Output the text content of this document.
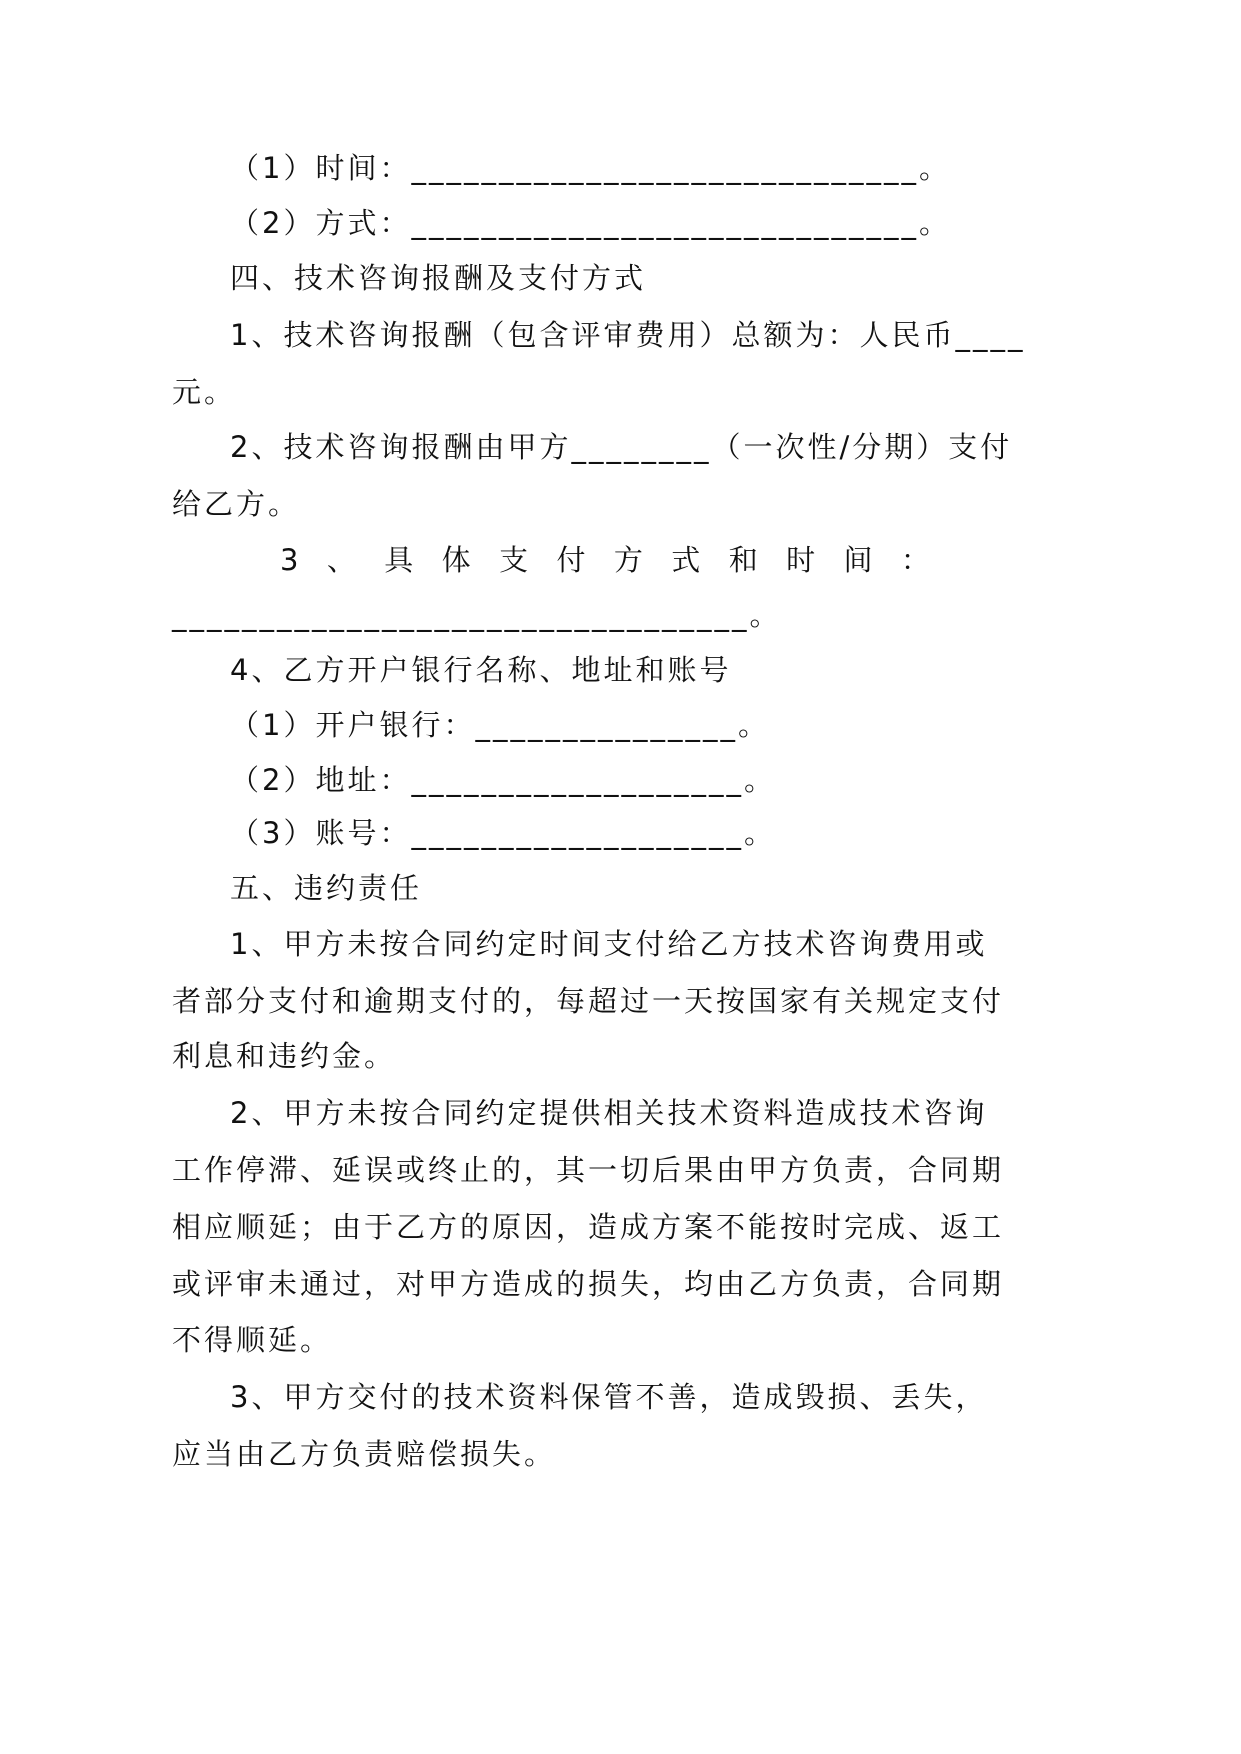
（1）时间：_____________________________。
（2）方式：_____________________________。
四、技术咨询报酬及支付方式
1、技术咨询报酬（包含评审费用）总额为：人民币____
元。
2、技术咨询报酬由甲方________（一次性/分期）支付
给乙方。
3 、 具 体 支 付 方 式 和 时 间 ：
_________________________________。
4、乙方开户银行名称、地址和账号
（1）开户银行：_______________。
（2）地址：___________________。
（3）账号：___________________。
五、违约责任
1、甲方未按合同约定时间支付给乙方技术咨询费用或
者部分支付和逾期支付的，每超过一天按国家有关规定支付
利息和违约金。
2、甲方未按合同约定提供相关技术资料造成技术咨询
工作停滞、延误或终止的，其一切后果由甲方负责，合同期
相应顺延；由于乙方的原因，造成方案不能按时完成、返工
或评审未通过，对甲方造成的损失，均由乙方负责，合同期
不得顺延。
3、甲方交付的技术资料保管不善，造成毁损、丢失，
应当由乙方负责赔偿损失。
